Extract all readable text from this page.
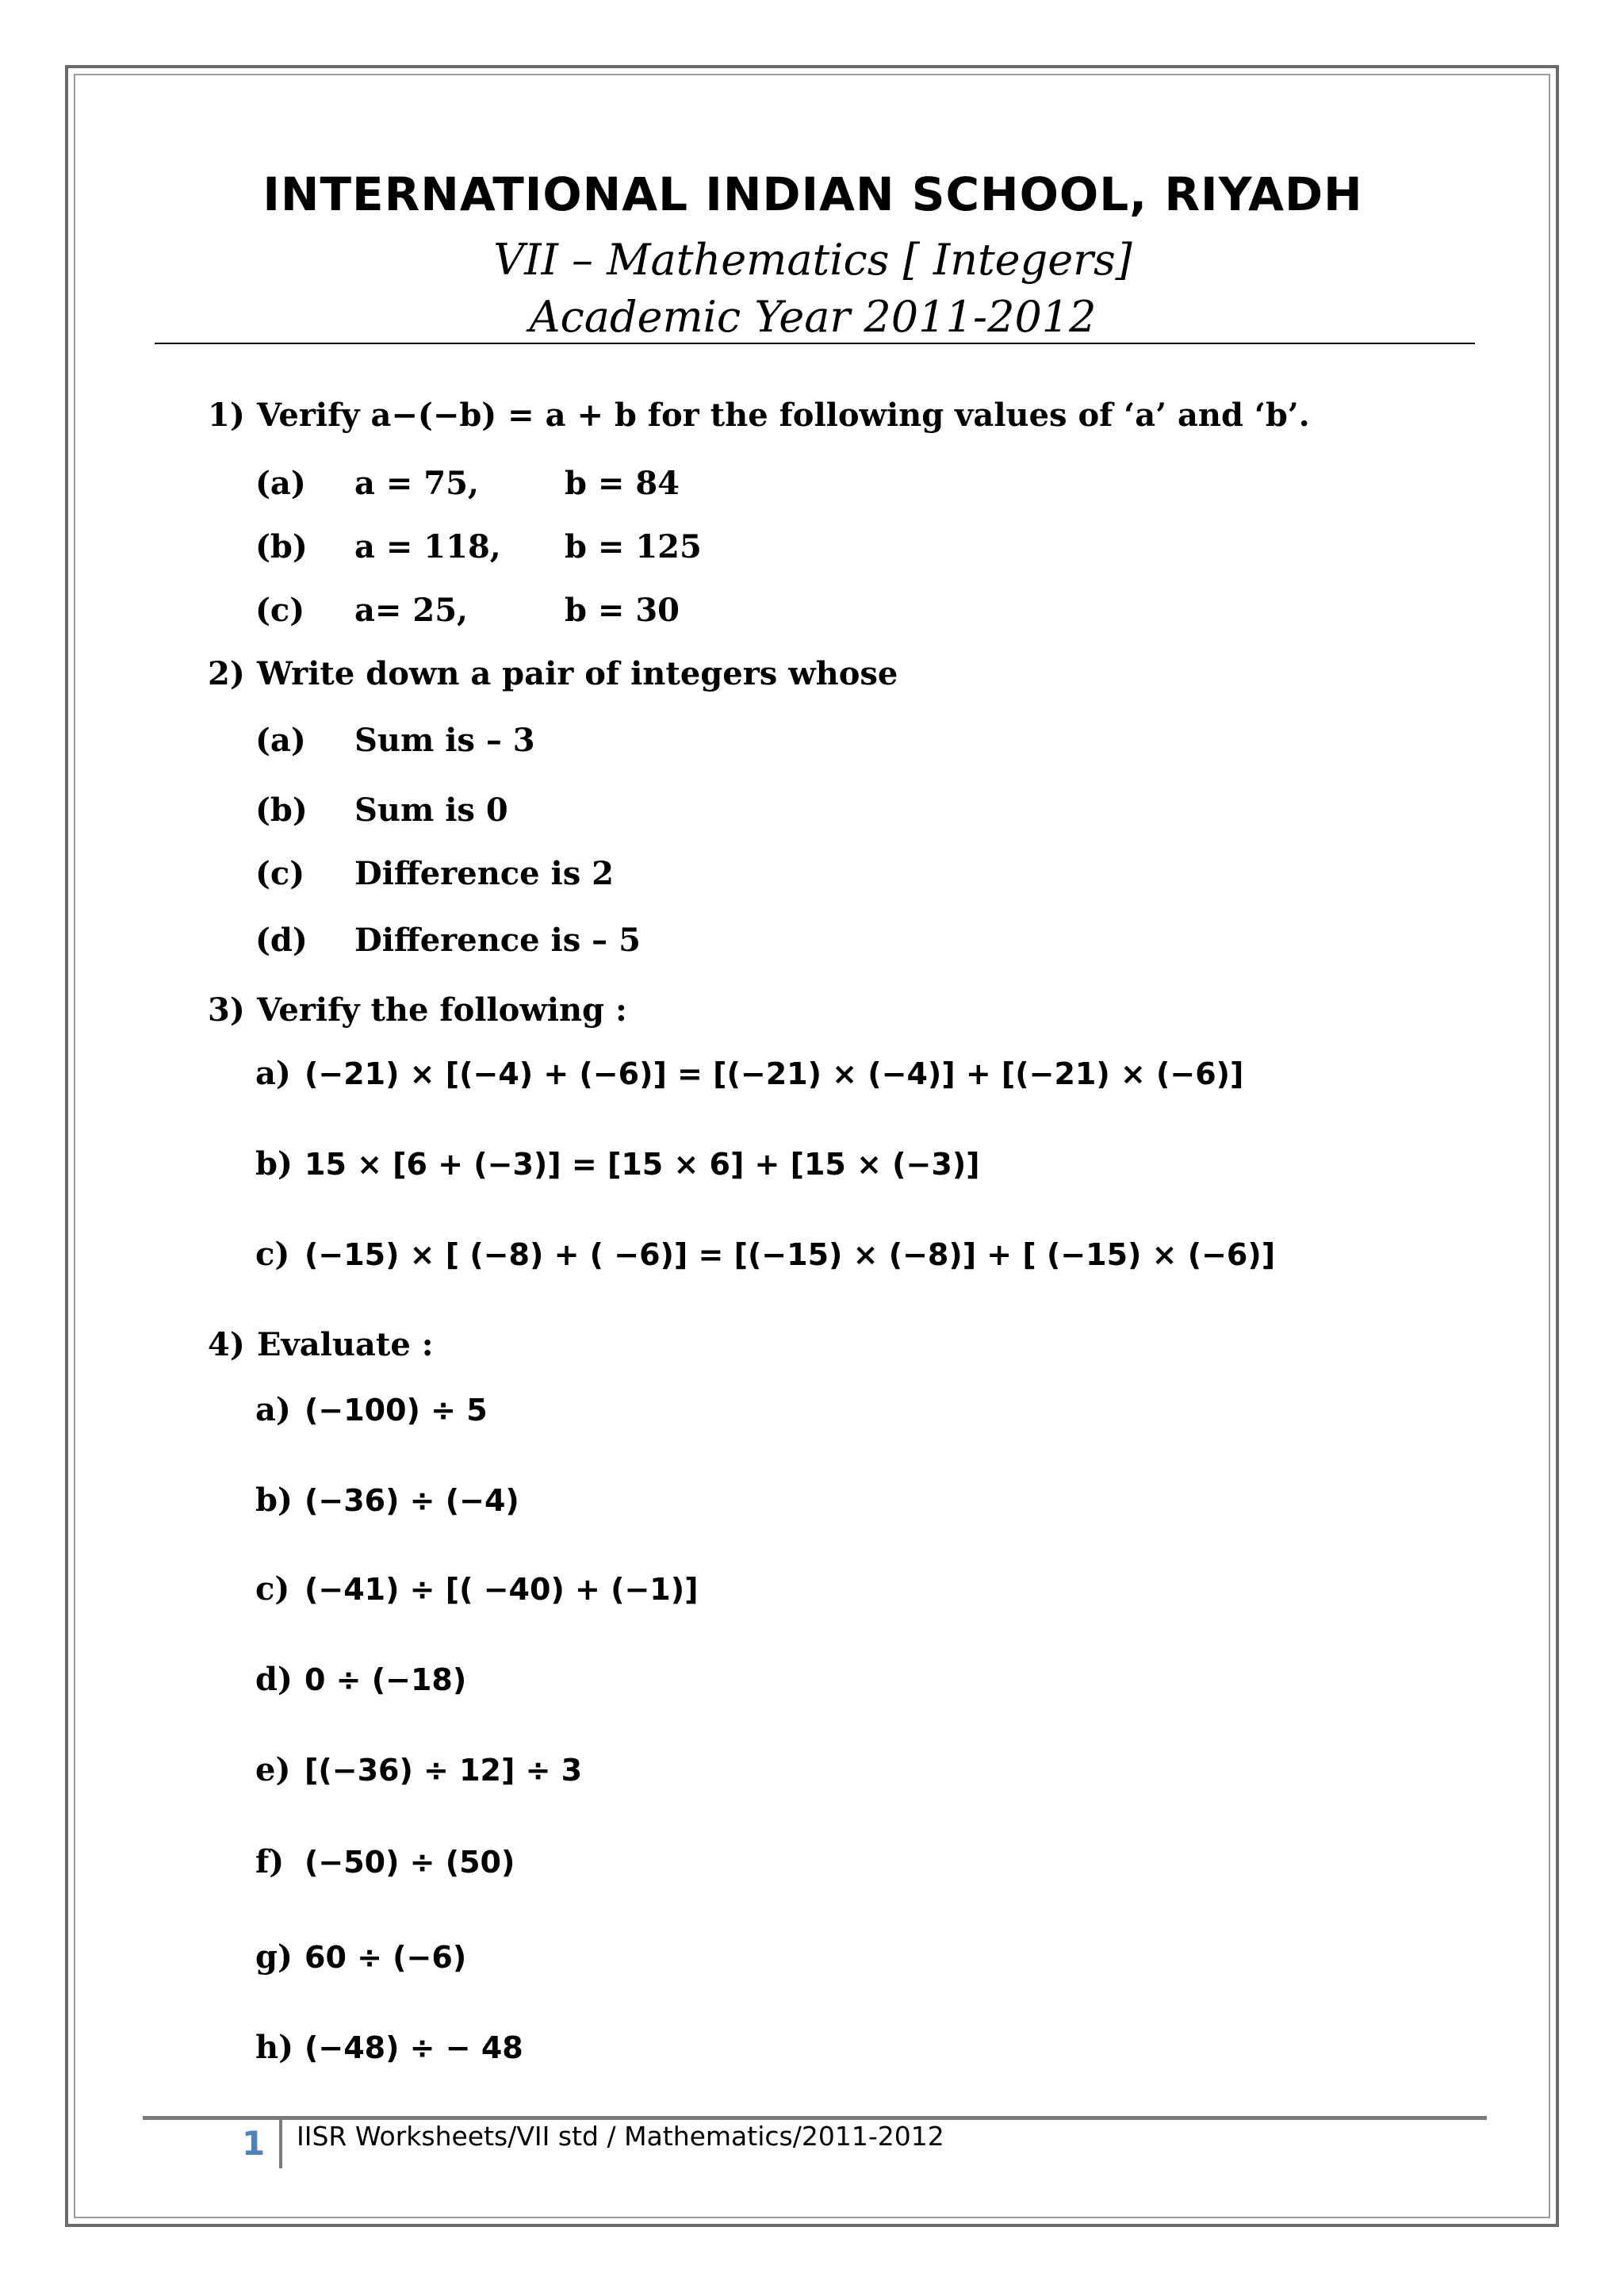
INTERNATIONAL INDIAN SCHOOL, RIYADH
VII – Mathematics [ Integers]
Academic Year 2011-2012
1) Verify a−(−b) = a + b for the following values of ‘a’ and ‘b’.
(a) a = 75,	b = 84
(b) a = 118, b = 125
(c) a= 25,	b = 30
2) Write down a pair of integers whose
(a) Sum is – 3
(b) Sum is 0
(c) Difference is 2
(d) Difference is – 5
3) Verify the following :
a) (−21) × [(−4) + (−6)] = [(−21) × (−4)] + [(−21) × (−6)]
b) 15 × [6 + (−3)] = [15 × 6] + [15 × (−3)]
c) (−15) × [ (−8) + ( −6)] = [(−15) × (−8)] + [ (−15) × (−6)]
4) Evaluate :
a) (−100) ÷ 5
b) (−36) ÷ (−4)
c) (−41) ÷ [( −40) + (−1)]
d) 0 ÷ (−18)
e) [(−36) ÷ 12] ÷ 3
f) (−50) ÷ (50)
g) 60 ÷ (−6)
h) (−48) ÷ − 48
1 IISR Worksheets/VII std / Mathematics/2011-2012
